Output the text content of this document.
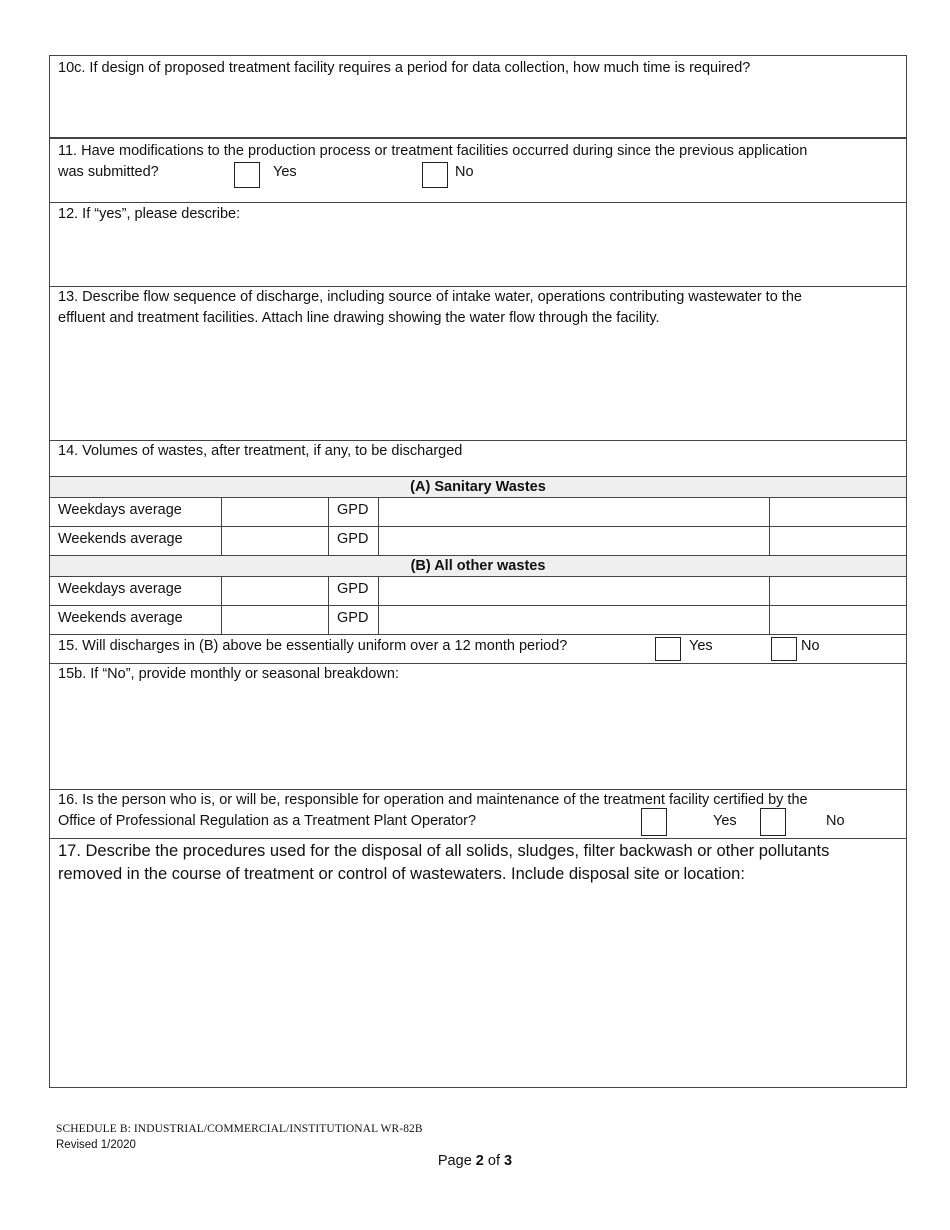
10c. If design of proposed treatment facility requires a period for data collection, how much time is required?
11. Have modifications to the production process or treatment facilities occurred during since the previous application
was submitted?	Yes	No
12. If “yes”, please describe:
13. Describe flow sequence of discharge, including source of intake water, operations contributing wastewater to the
effluent and treatment facilities. Attach line drawing showing the water flow through the facility.
14. Volumes of wastes, after treatment, if any, to be discharged
(A) Sanitary Wastes
Weekdays average	GPD
Weekends average	GPD
(B) All other wastes
Weekdays average	GPD
Weekends average	GPD
15. Will discharges in (B) above be essentially uniform over a 12 month period?	Yes	No
15b. If “No”, provide monthly or seasonal breakdown:
16. Is the person who is, or will be, responsible for operation and maintenance of the treatment facility certified by the
Office of Professional Regulation as a Treatment Plant Operator?	Yes	No
17. Describe the procedures used for the disposal of all solids, sludges, filter backwash or other pollutants
removed in the course of treatment or control of wastewaters. Include disposal site or location:
SCHEDULE B: INDUSTRIAL/COMMERCIAL/INSTITUTIONAL WR-82B
Revised 1/2020
Page 2 of 3
